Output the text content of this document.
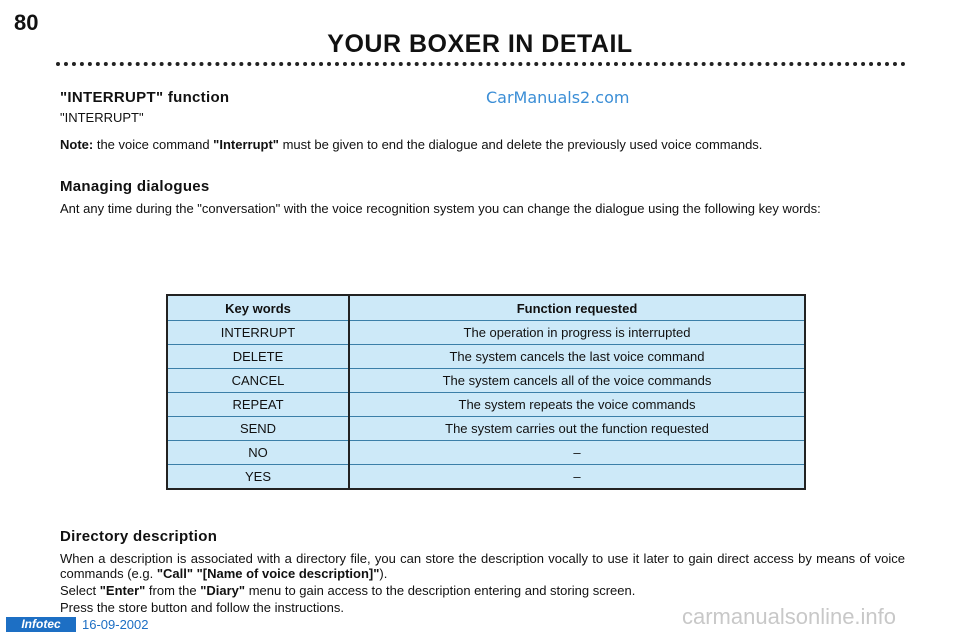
80
YOUR BOXER IN DETAIL
CarManuals2.com
"INTERRUPT" function

"INTERRUPT"

Note: the voice command "Interrupt" must be given to end the dialogue and delete the previously used voice commands.

Managing dialogues

Ant any time during the "conversation" with the voice recognition system you can change the dialogue using the following key words:

Key words	Function requested
INTERRUPT	The operation in progress is interrupted
DELETE	The system cancels the last voice command
CANCEL	The system cancels all of the voice commands
REPEAT	The system repeats the voice commands
SEND	The system carries out the function requested
NO	–
YES	–
Directory description

When a description is associated with a directory file, you can store the description vocally to use it later to gain direct access by means of voice commands (e.g. "Call" "[Name of voice description]").

Select "Enter" from the "Diary" menu to gain access to the description entering and storing screen.

Press the store button and follow the instructions.

Infotec	16-09-2002	carmanualsonline.info
